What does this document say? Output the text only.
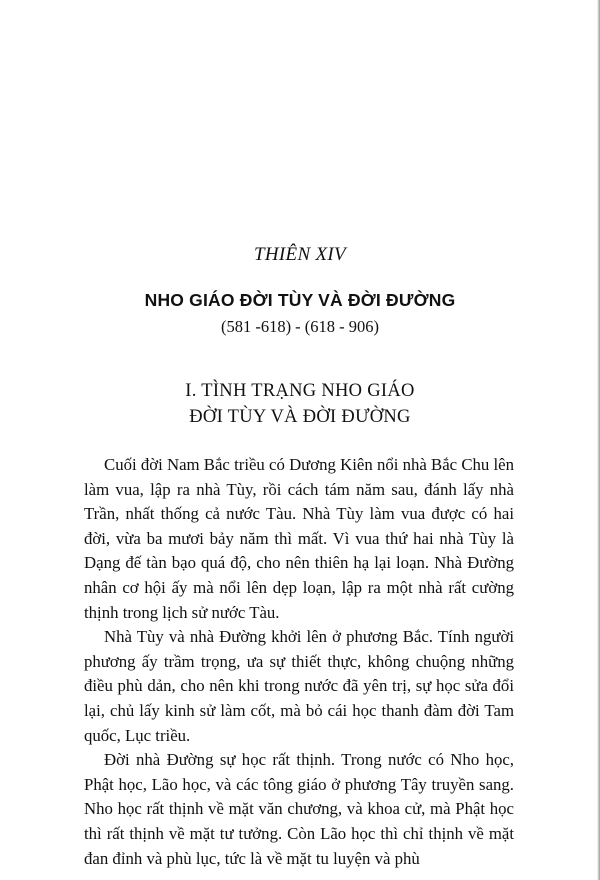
THIÊN XIV
NHO GIÁO ĐỜI TÙY VÀ ĐỜI ĐƯỜNG
(581 -618) - (618 - 906)
I. TÌNH TRẠNG NHO GIÁO
ĐỜI TÙY VÀ ĐỜI ĐƯỜNG

Cuối đời Nam Bắc triều có Dương Kiên nổi nhà Bắc Chu lên làm vua, lập ra nhà Tùy, rồi cách tám năm sau, đánh lấy nhà Trần, nhất thống cả nước Tàu. Nhà Tùy làm vua được có hai đời, vừa ba mươi bảy năm thì mất. Vì vua thứ hai nhà Tùy là Dạng đế tàn bạo quá độ, cho nên thiên hạ lại loạn. Nhà Đường nhân cơ hội ấy mà nổi lên dẹp loạn, lập ra một nhà rất cường thịnh trong lịch sử nước Tàu.

Nhà Tùy và nhà Đường khởi lên ở phương Bắc. Tính người phương ấy trầm trọng, ưa sự thiết thực, không chuộng những điều phù dản, cho nên khi trong nước đã yên trị, sự học sửa đổi lại, chủ lấy kinh sử làm cốt, mà bỏ cái học thanh đàm đời Tam quốc, Lục triều.

Đời nhà Đường sự học rất thịnh. Trong nước có Nho học, Phật học, Lão học, và các tông giáo ở phương Tây truyền sang. Nho học rất thịnh về mặt văn chương, và khoa cử, mà Phật học thì rất thịnh về mặt tư tưởng. Còn Lão học thì chỉ thịnh về mặt đan đỉnh và phù lục, tức là về mặt tu luyện và phù
